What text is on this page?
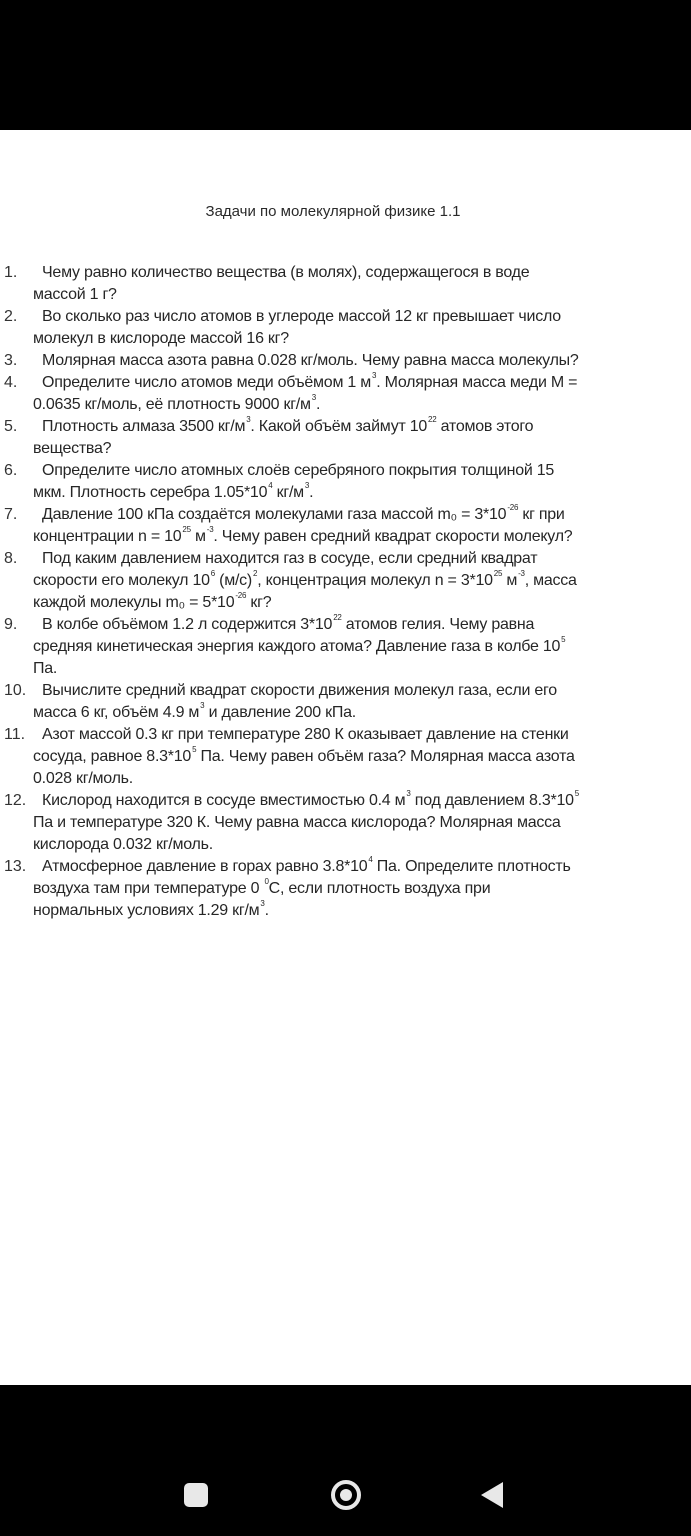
Задачи по молекулярной физике 1.1
1.	Чему равно количество вещества (в молях), содержащегося в воде
массой 1 г?
2.	Во сколько раз число атомов в углероде массой 12 кг превышает число
молекул в кислороде массой 16 кг?
3.	Молярная масса азота равна 0.028 кг/моль. Чему равна масса молекулы?
4.	Определите число атомов меди объёмом 1 $м^3$. Молярная масса меди M =
0.0635 кг/моль, её плотность 9000 $кг/м^3$.
5.	Плотность алмаза 3500 $кг/м^3$. Какой объём займут $10^{22}$ атомов этого
вещества?
6.	Определите число атомных слоёв серебряного покрытия толщиной 15
мкм. Плотность серебра $1.05*10^4$ $кг/м^3$.
7.	Давление 100 кПа создаётся молекулами газа массой $m_0 = 3*10^{-26}$ кг при
концентрации $n = 10^{25}$ $м^{-3}$. Чему равен средний квадрат скорости молекул?
8.	Под каким давлением находится газ в сосуде, если средний квадрат
скорости его молекул $10^6$ $(м/с)^2$, концентрация молекул $n = 3*10^{25}$ $м^{-3}$, масса
каждой молекулы $m_0 = 5*10^{-26}$ кг?
9.	В колбе объёмом 1.2 л содержится $3*10^{22}$ атомов гелия. Чему равна
средняя кинетическая энергия каждого атома? Давление газа в колбе $10^5$
Па.
10. Вычислите средний квадрат скорости движения молекул газа, если его
масса 6 кг, объём 4.9 $м^3$ и давление 200 кПа.
11.	Азот массой 0.3 кг при температуре 280 К оказывает давление на стенки
сосуда, равное $8.3*10^5$ Па. Чему равен объём газа? Молярная масса азота
0.028 кг/моль.
12. Кислород находится в сосуде вместимостью 0.4 $м^3$ под давлением $8.3*10^5$
Па и температуре 320 К. Чему равна масса кислорода? Молярная масса
кислорода 0.032 кг/моль.
13. Атмосферное давление в горах равно $3.8*10^4$ Па. Определите плотность
воздуха там при температуре 0 $^0$С, если плотность воздуха при
нормальных условиях 1.29 $кг/м^3$.
